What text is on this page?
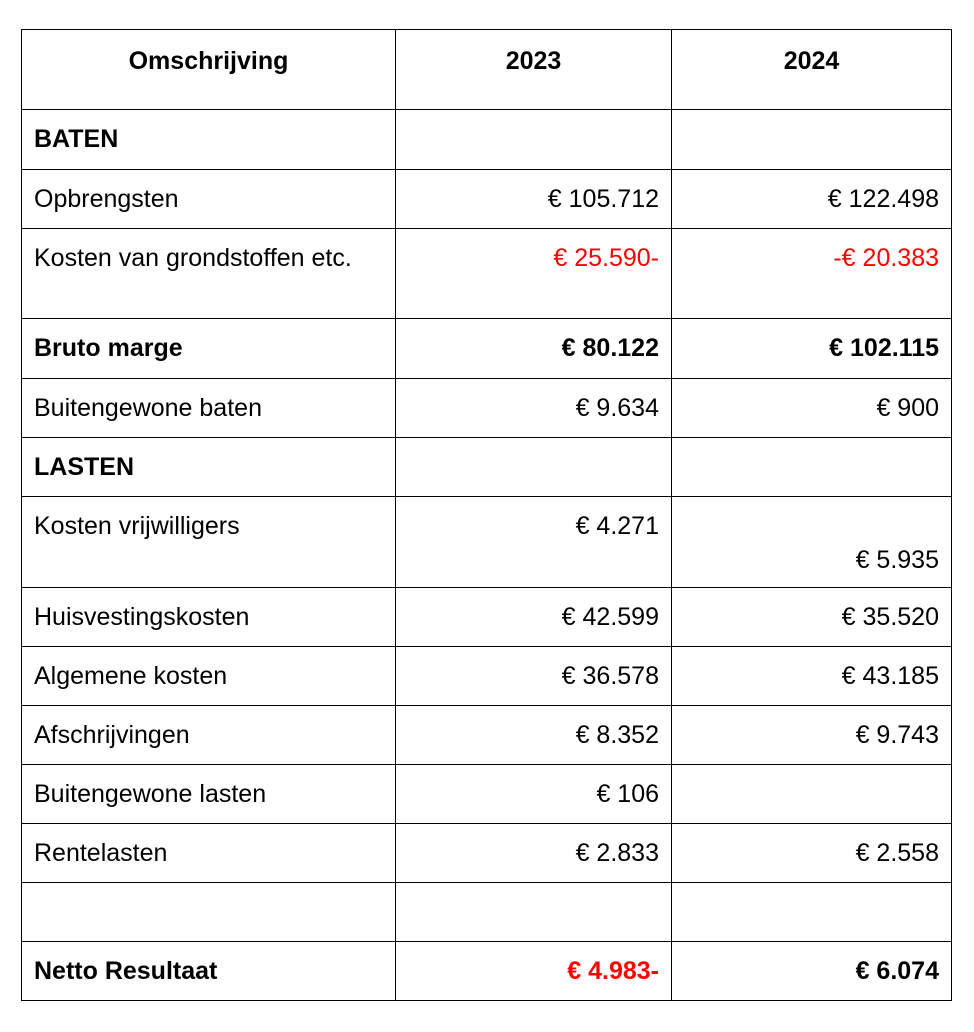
Omschrijving	2023	2024
BATEN		
Opbrengsten	€ 105.712	€ 122.498
Kosten van grondstoffen etc.	€ 25.590-	-€ 20.383
Bruto marge	€ 80.122	€ 102.115
Buitengewone baten	€ 9.634	€ 900
LASTEN		
Kosten vrijwilligers	€ 4.271	€ 5.935
Huisvestingskosten	€ 42.599	€ 35.520
Algemene kosten	€ 36.578	€ 43.185
Afschrijvingen	€ 8.352	€ 9.743
Buitengewone lasten	€ 106	
Rentelasten	€ 2.833	€ 2.558

Netto Resultaat	€ 4.983-	€ 6.074
